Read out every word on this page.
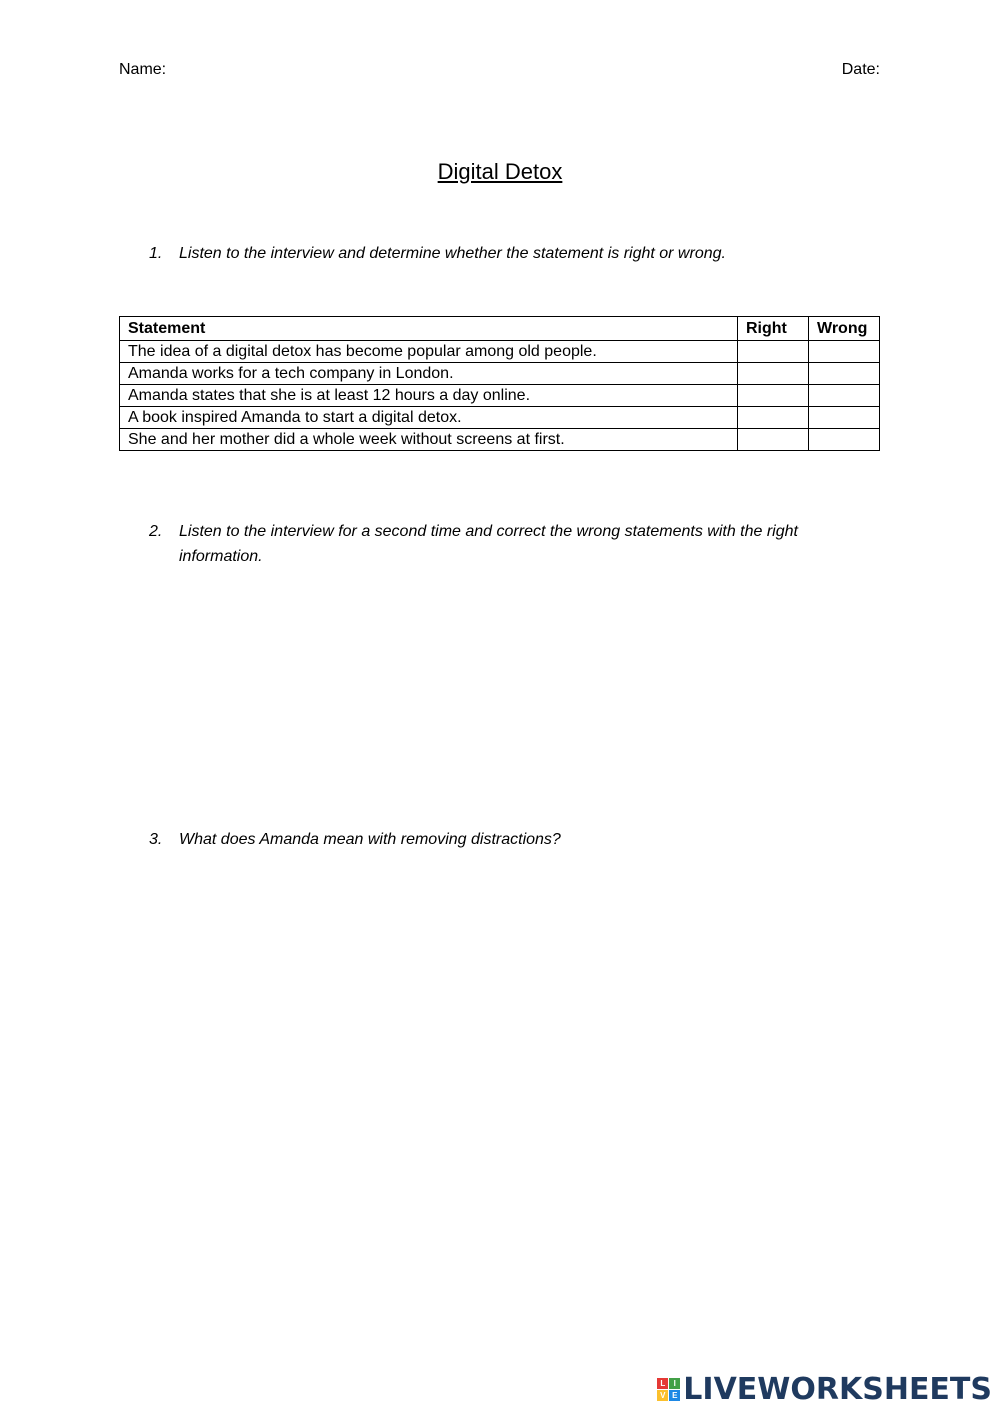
Name:	Date:
Digital Detox
1.	Listen to the interview and determine whether the statement is right or wrong.
Statement	Right	Wrong
The idea of a digital detox has become popular among old people.		
Amanda works for a tech company in London.		
Amanda states that she is at least 12 hours a day online.		
A book inspired Amanda to start a digital detox.		
She and her mother did a whole week without screens at first.		
2.	Listen to the interview for a second time and correct the wrong statements with the right information.
3.	What does Amanda mean with removing distractions?
L	I
V E LIVEWORKSHEETS
